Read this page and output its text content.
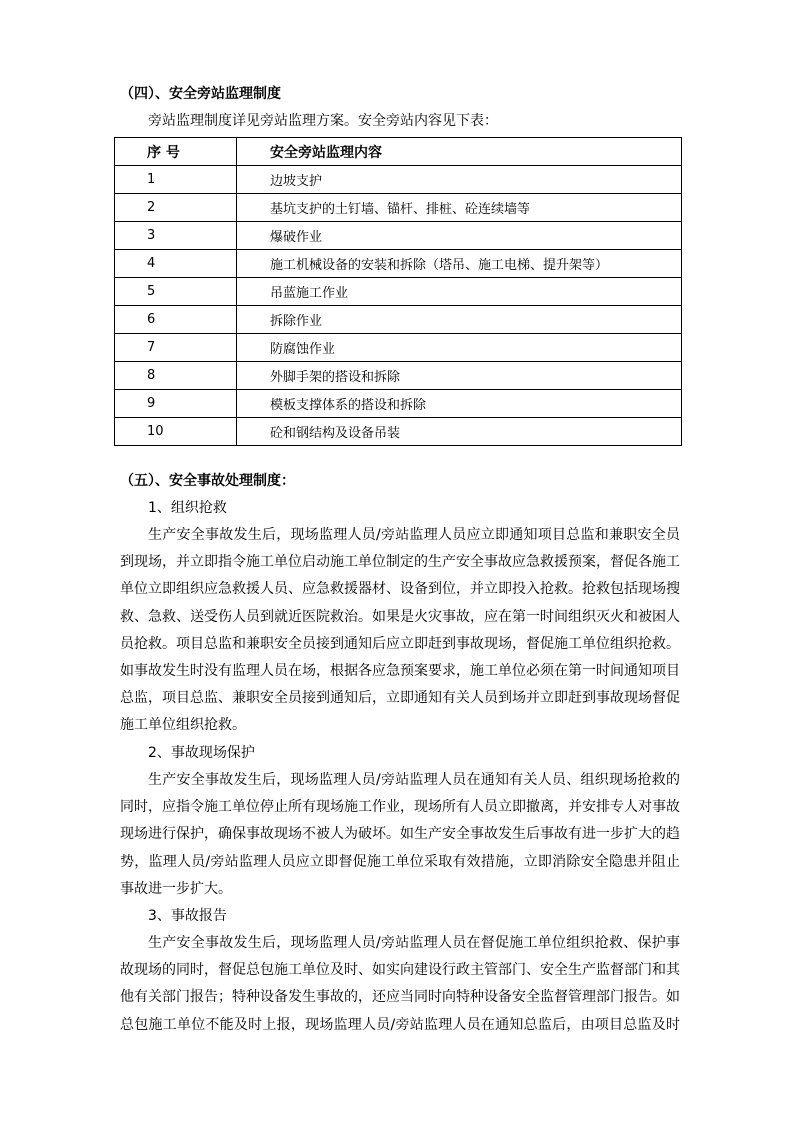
（四）、安全旁站监理制度
旁站监理制度详见旁站监理方案。安全旁站内容见下表：
序 号	安全旁站监理内容
1	边坡支护
2	基坑支护的土钉墙、锚杆、排桩、砼连续墙等
3	爆破作业
4	施工机械设备的安装和拆除（塔吊、施工电梯、提升架等）
5	吊蓝施工作业
6	拆除作业
7	防腐蚀作业
8	外脚手架的搭设和拆除
9	模板支撑体系的搭设和拆除
10	砼和钢结构及设备吊装
（五）、安全事故处理制度：
1、组织抢救
生产安全事故发生后，现场监理人员/旁站监理人员应立即通知项目总监和兼职安全员
到现场，并立即指令施工单位启动施工单位制定的生产安全事故应急救援预案，督促各施工
单位立即组织应急救援人员、应急救援器材、设备到位，并立即投入抢救。抢救包括现场搜
救、急救、送受伤人员到就近医院救治。如果是火灾事故，应在第一时间组织灭火和被困人
员抢救。项目总监和兼职安全员接到通知后应立即赶到事故现场，督促施工单位组织抢救。
如事故发生时没有监理人员在场，根据各应急预案要求，施工单位必须在第一时间通知项目
总监，项目总监、兼职安全员接到通知后，立即通知有关人员到场并立即赶到事故现场督促
施工单位组织抢救。
2、事故现场保护
生产安全事故发生后，现场监理人员/旁站监理人员在通知有关人员、组织现场抢救的
同时，应指令施工单位停止所有现场施工作业，现场所有人员立即撤离，并安排专人对事故
现场进行保护，确保事故现场不被人为破坏。如生产安全事故发生后事故有进一步扩大的趋
势，监理人员/旁站监理人员应立即督促施工单位采取有效措施，立即消除安全隐患并阻止
事故进一步扩大。
3、事故报告
生产安全事故发生后，现场监理人员/旁站监理人员在督促施工单位组织抢救、保护事
故现场的同时，督促总包施工单位及时、如实向建设行政主管部门、安全生产监督部门和其
他有关部门报告；特种设备发生事故的，还应当同时向特种设备安全监督管理部门报告。如
总包施工单位不能及时上报，现场监理人员/旁站监理人员在通知总监后，由项目总监及时
